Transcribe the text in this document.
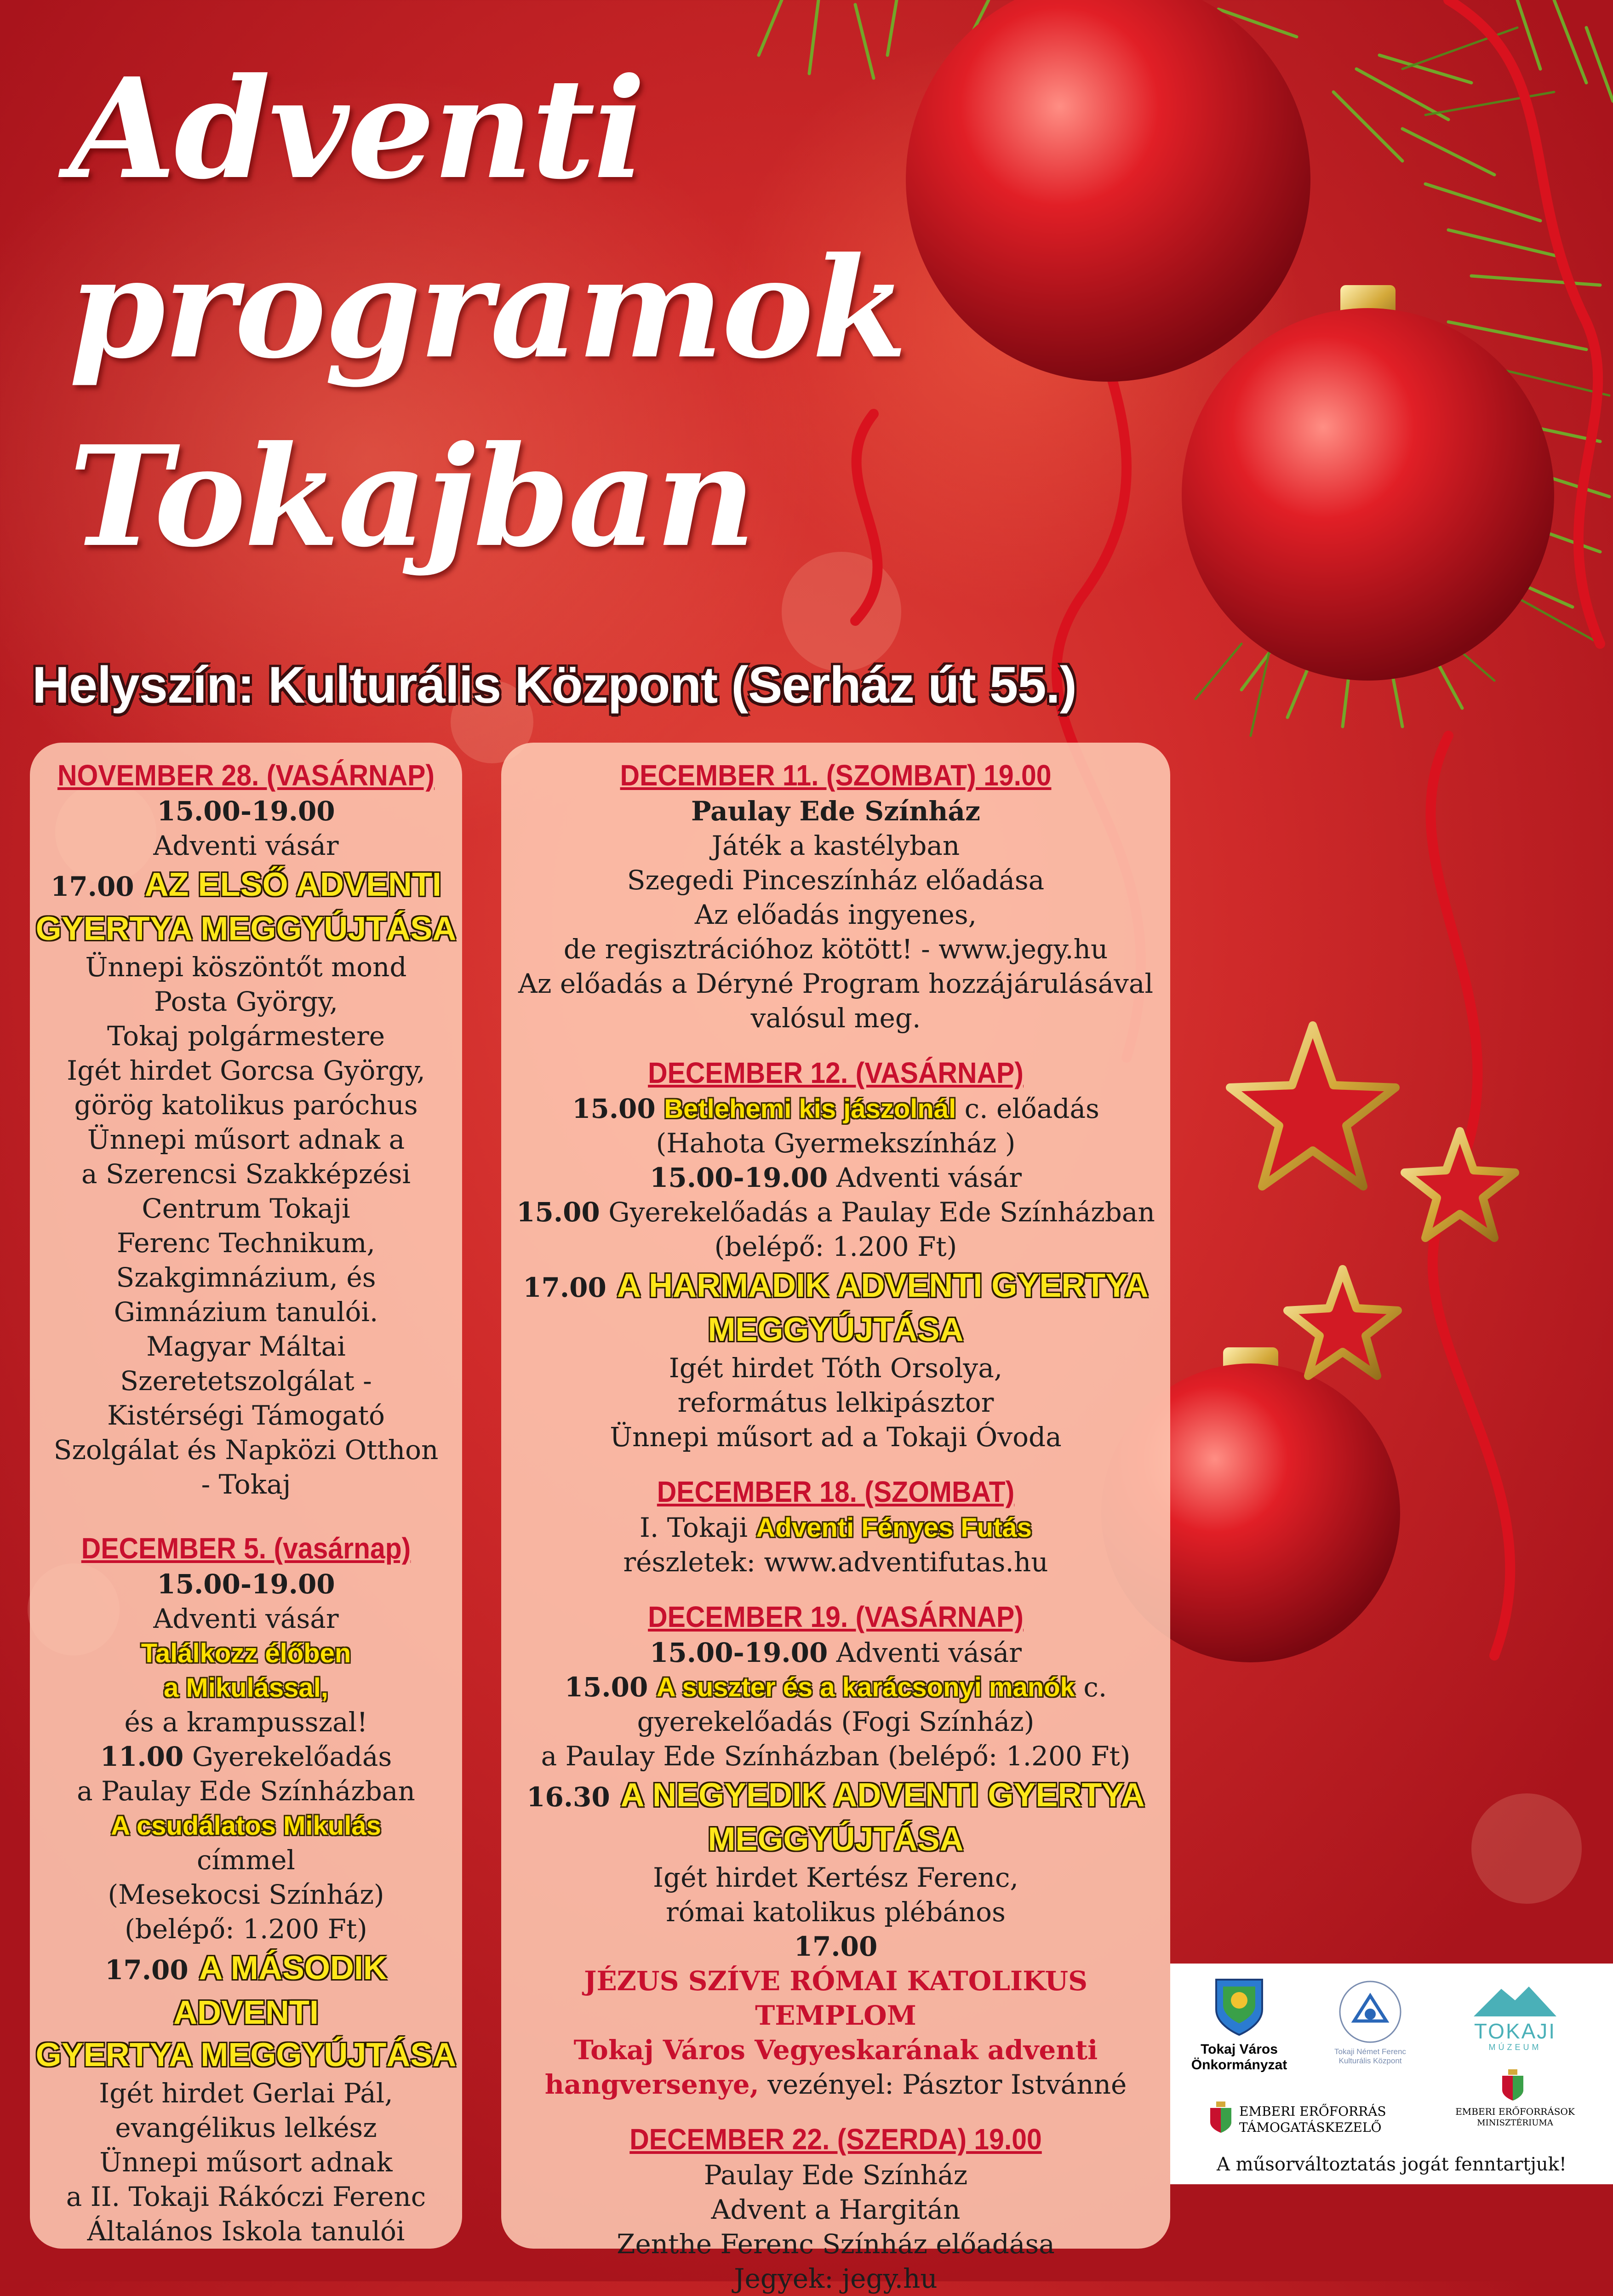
Adventi
programok
Tokajban
Helyszín: Kulturális Központ (Serház út 55.)

NOVEMBER 28. (VASÁRNAP)

15.00-19.00

Adventi vásár

17.00 AZ ELSŐ ADVENTI

GYERTYA MEGGYÚJTÁSA

Ünnepi köszöntőt mond

Posta György,

Tokaj polgármestere

Igét hirdet Gorcsa György,

görög katolikus paróchus

Ünnepi műsort adnak a

a Szerencsi Szakképzési

Centrum Tokaji

Ferenc Technikum,

Szakgimnázium, és

Gimnázium tanulói.

Magyar Máltai

Szeretetszolgálat -

Kistérségi Támogató

Szolgálat és Napközi Otthon

- Tokaj

DECEMBER 5. (vasárnap)

15.00-19.00

Adventi vásár

Találkozz élőben

a Mikulással,

és a krampusszal!

11.00 Gyerekelőadás

a Paulay Ede Színházban

A csudálatos Mikulás

címmel

(Mesekocsi Színház)

(belépő: 1.200 Ft)

17.00 A MÁSODIK ADVENTI

GYERTYA MEGGYÚJTÁSA

Igét hirdet Gerlai Pál,

evangélikus lelkész

Ünnepi műsort adnak

a II. Tokaji Rákóczi Ferenc

Általános Iskola tanulói

DECEMBER 11. (SZOMBAT) 19.00

Paulay Ede Színház

Játék a kastélyban

Szegedi Pinceszínház előadása

Az előadás ingyenes,

de regisztrációhoz kötött! - www.jegy.hu

Az előadás a Déryné Program hozzájárulásával

valósul meg.

DECEMBER 12. (VASÁRNAP)

15.00 Betlehemi kis jászolnál c. előadás

(Hahota Gyermekszínház )

15.00-19.00 Adventi vásár

15.00 Gyerekelőadás a Paulay Ede Színházban

(belépő: 1.200 Ft)

17.00 A HARMADIK ADVENTI GYERTYA

MEGGYÚJTÁSA

Igét hirdet Tóth Orsolya,

református lelkipásztor

Ünnepi műsort ad a Tokaji Óvoda

DECEMBER 18. (SZOMBAT)

I. Tokaji Adventi Fényes Futás

részletek: www.adventifutas.hu

DECEMBER 19. (VASÁRNAP)

15.00-19.00 Adventi vásár

15.00 A suszter és a karácsonyi manók c.

gyerekelőadás (Fogi Színház)

a Paulay Ede Színházban (belépő: 1.200 Ft)

16.30 A NEGYEDIK ADVENTI GYERTYA

MEGGYÚJTÁSA

Igét hirdet Kertész Ferenc,

római katolikus plébános

17.00

JÉZUS SZÍVE RÓMAI KATOLIKUS TEMPLOM

Tokaj Város Vegyeskarának adventi

hangversenye, vezényel: Pásztor Istvánné

DECEMBER 22. (SZERDA) 19.00

Paulay Ede Színház

Advent a Hargitán

Zenthe Ferenc Színház előadása

Jegyek: jegy.hu

Tokaj Város Önkormányzat
Tokaji Német Ferenc Kulturális Központ
TOKAJI
MÚZEUM
EMBERI ERŐFORRÁS
TÁMOGATÁSKEZELŐ
EMBERI ERŐFORRÁSOK
MINISZTÉRIUMA
A műsorváltoztatás jogát fenntartjuk!
